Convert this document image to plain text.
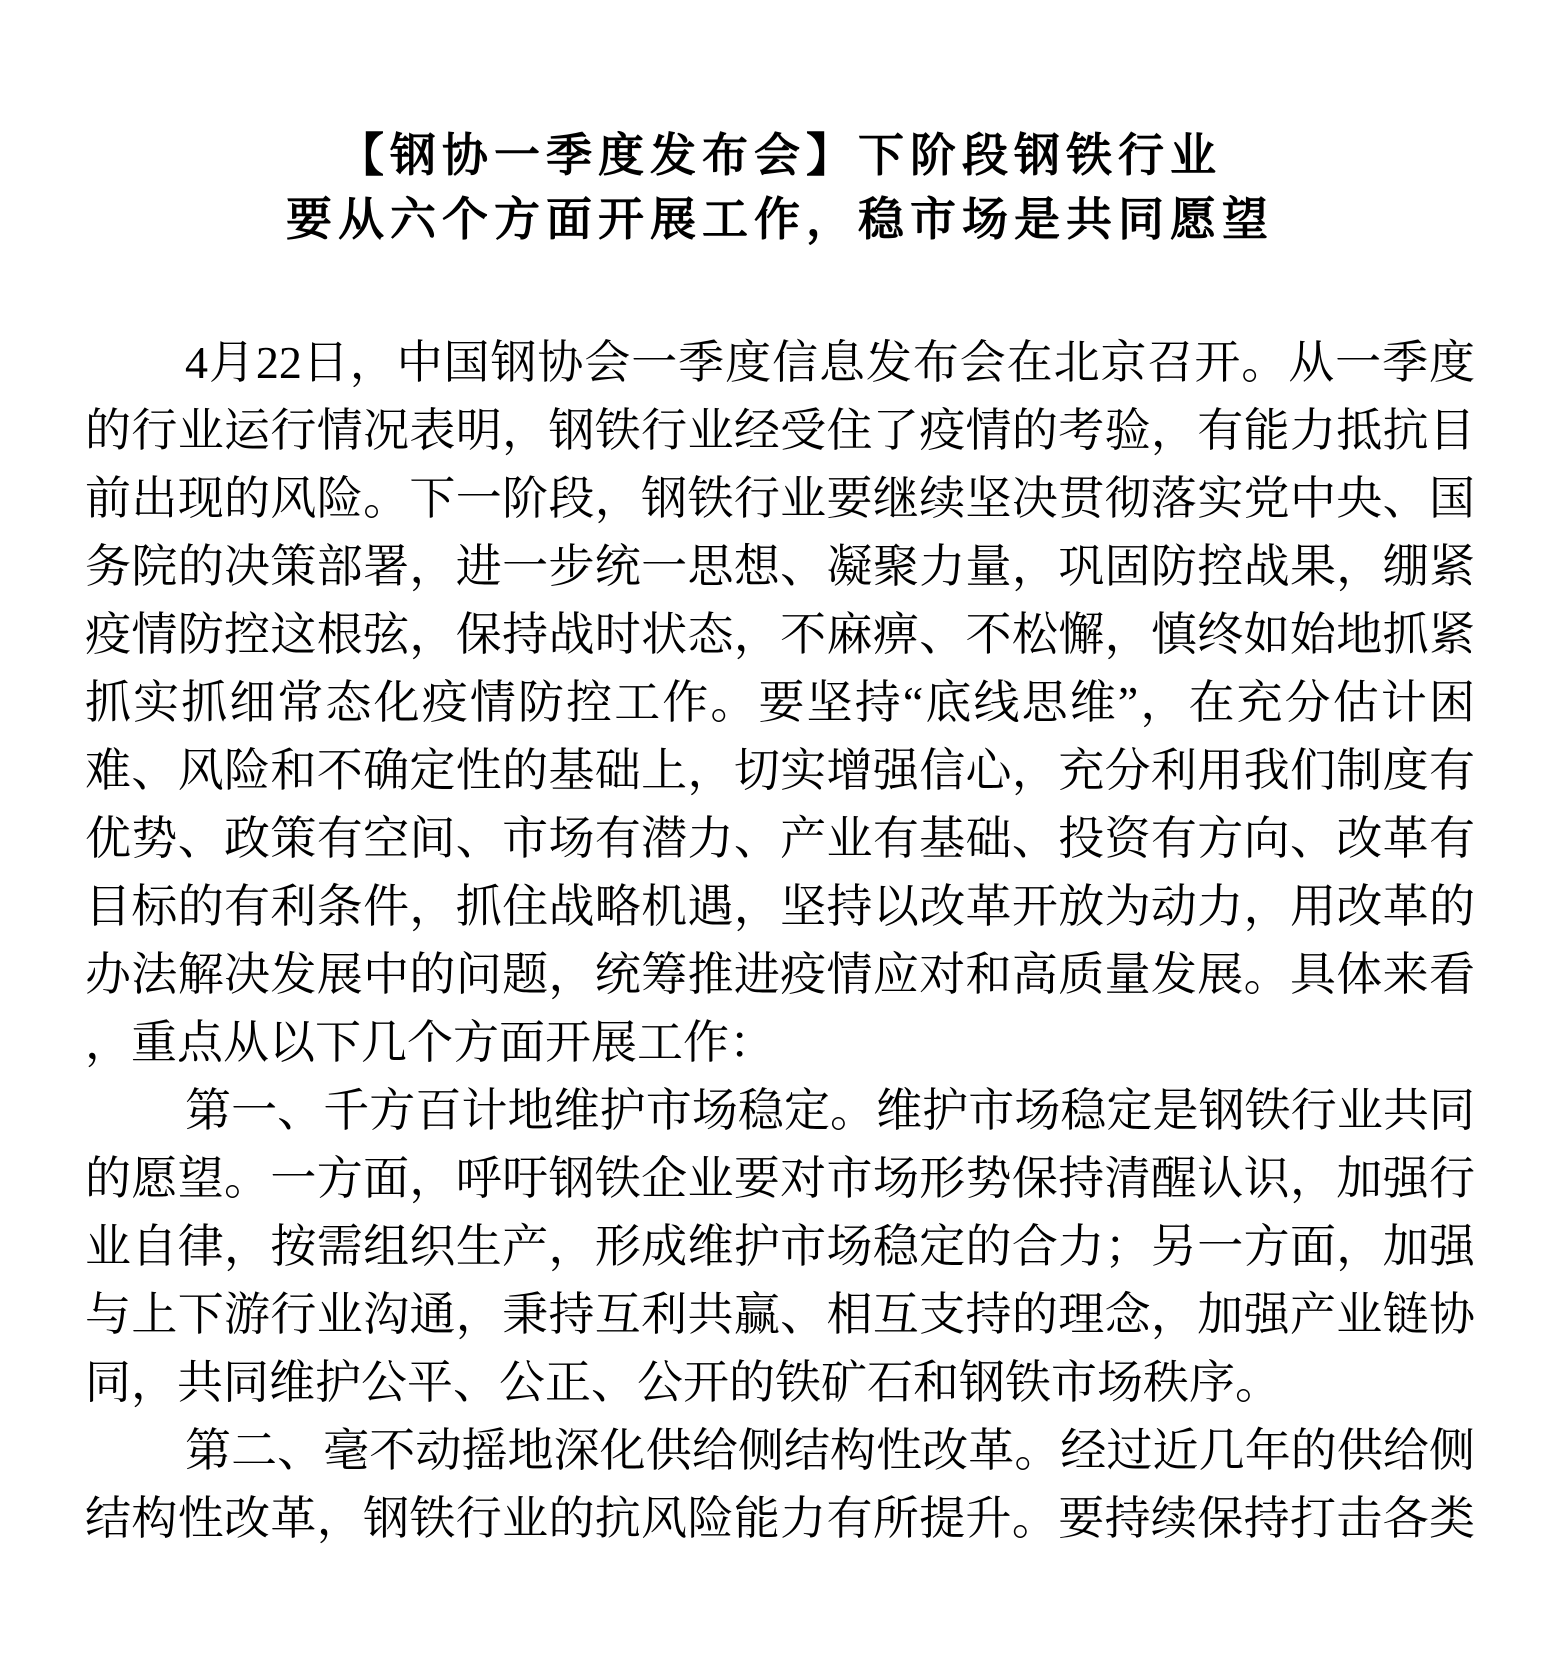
【钢协一季度发布会】下阶段钢铁行业
要从六个方面开展工作，稳市场是共同愿望
4月22日，中国钢协会一季度信息发布会在北京召开。从一季度
的行业运行情况表明，钢铁行业经受住了疫情的考验，有能力抵抗目
前出现的风险。下一阶段，钢铁行业要继续坚决贯彻落实党中央、国
务院的决策部署，进一步统一思想、凝聚力量，巩固防控战果，绷紧
疫情防控这根弦，保持战时状态，不麻痹、不松懈，慎终如始地抓紧
抓实抓细常态化疫情防控工作。要坚持“底线思维”，在充分估计困
难、风险和不确定性的基础上，切实增强信心，充分利用我们制度有
优势、政策有空间、市场有潜力、产业有基础、投资有方向、改革有
目标的有利条件，抓住战略机遇，坚持以改革开放为动力，用改革的
办法解决发展中的问题，统筹推进疫情应对和高质量发展。具体来看
，重点从以下几个方面开展工作：
第一、千方百计地维护市场稳定。维护市场稳定是钢铁行业共同
的愿望。一方面，呼吁钢铁企业要对市场形势保持清醒认识，加强行
业自律，按需组织生产，形成维护市场稳定的合力；另一方面，加强
与上下游行业沟通，秉持互利共赢、相互支持的理念，加强产业链协
同，共同维护公平、公正、公开的铁矿石和钢铁市场秩序。
第二、毫不动摇地深化供给侧结构性改革。经过近几年的供给侧
结构性改革，钢铁行业的抗风险能力有所提升。要持续保持打击各类
